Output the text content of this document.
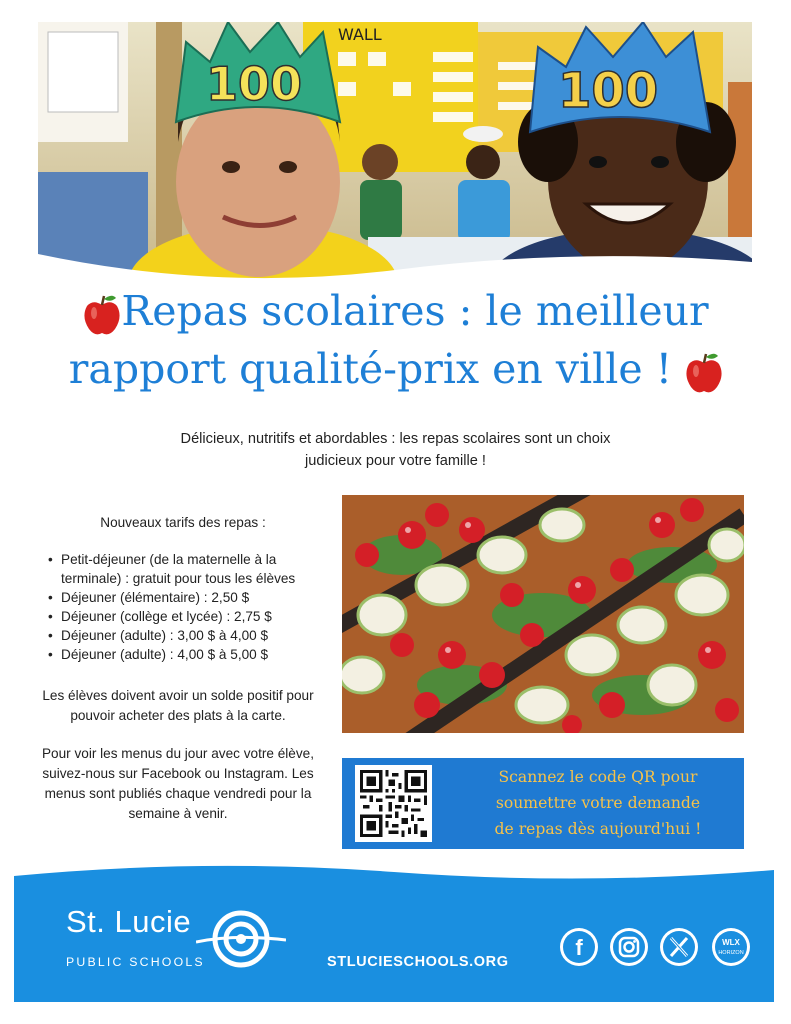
WALL
100	100
Repas scolaires : le meilleur
rapport qualité-prix en ville !
Délicieux, nutritifs et abordables : les repas scolaires sont un choix
judicieux pour votre famille !
Nouveaux tarifs des repas :
• Petit-déjeuner (de la maternelle à la terminale) : gratuit pour tous les élèves
• Déjeuner (élémentaire) : 2,50 $
• Déjeuner (collège et lycée) : 2,75 $
• Déjeuner (adulte) : 3,00 $ à 4,00 $
• Déjeuner (adulte) : 4,00 $ à 5,00 $

Les élèves doivent avoir un solde positif pour pouvoir acheter des plats à la carte.

Pour voir les menus du jour avec votre élève, suivez-nous sur Facebook ou Instagram. Les menus sont publiés chaque vendredi pour la semaine à venir.

Scannez le code QR pour
soumettre votre demande
de repas dès aujourd'hui !
St. Lucie
PUBLIC SCHOOLS	STLUCIESCHOOLS.ORG
f	WLX
HORIZON
